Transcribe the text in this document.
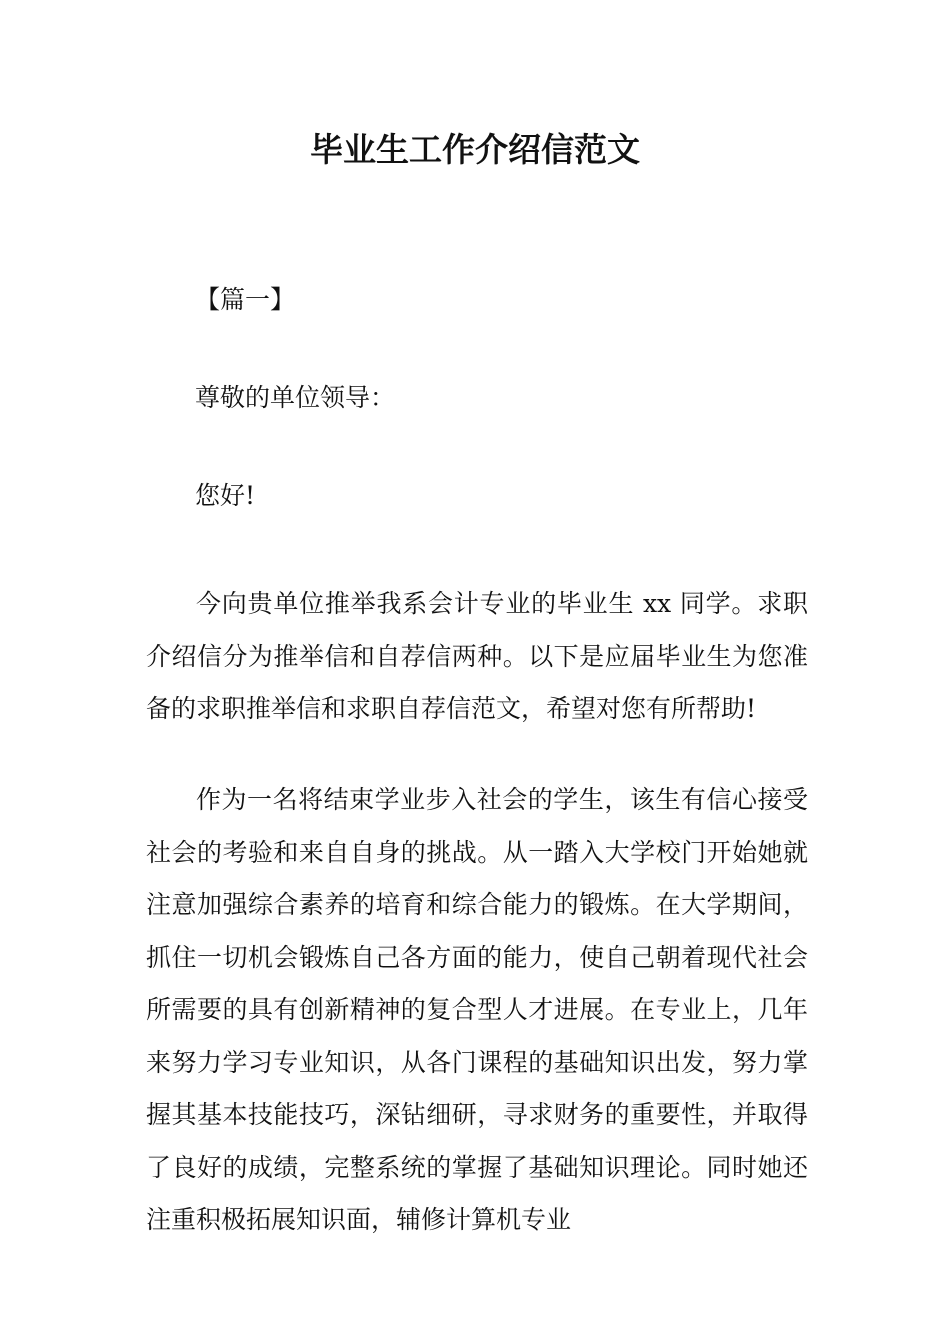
毕业生工作介绍信范文

【篇一】

尊敬的单位领导：

您好!

今向贵单位推举我系会计专业的毕业生 xx 同学。求职介绍信分为推举信和自荐信两种。以下是应届毕业生为您准备的求职推举信和求职自荐信范文，希望对您有所帮助!

作为一名将结束学业步入社会的学生，该生有信心接受社会的考验和来自自身的挑战。从一踏入大学校门开始她就注意加强综合素养的培育和综合能力的锻炼。在大学期间，抓住一切机会锻炼自己各方面的能力，使自己朝着现代社会所需要的具有创新精神的复合型人才进展。在专业上，几年来努力学习专业知识，从各门课程的基础知识出发，努力掌握其基本技能技巧，深钻细研，寻求财务的重要性，并取得了良好的成绩，完整系统的掌握了基础知识理论。同时她还注重积极拓展知识面，辅修计算机专业
